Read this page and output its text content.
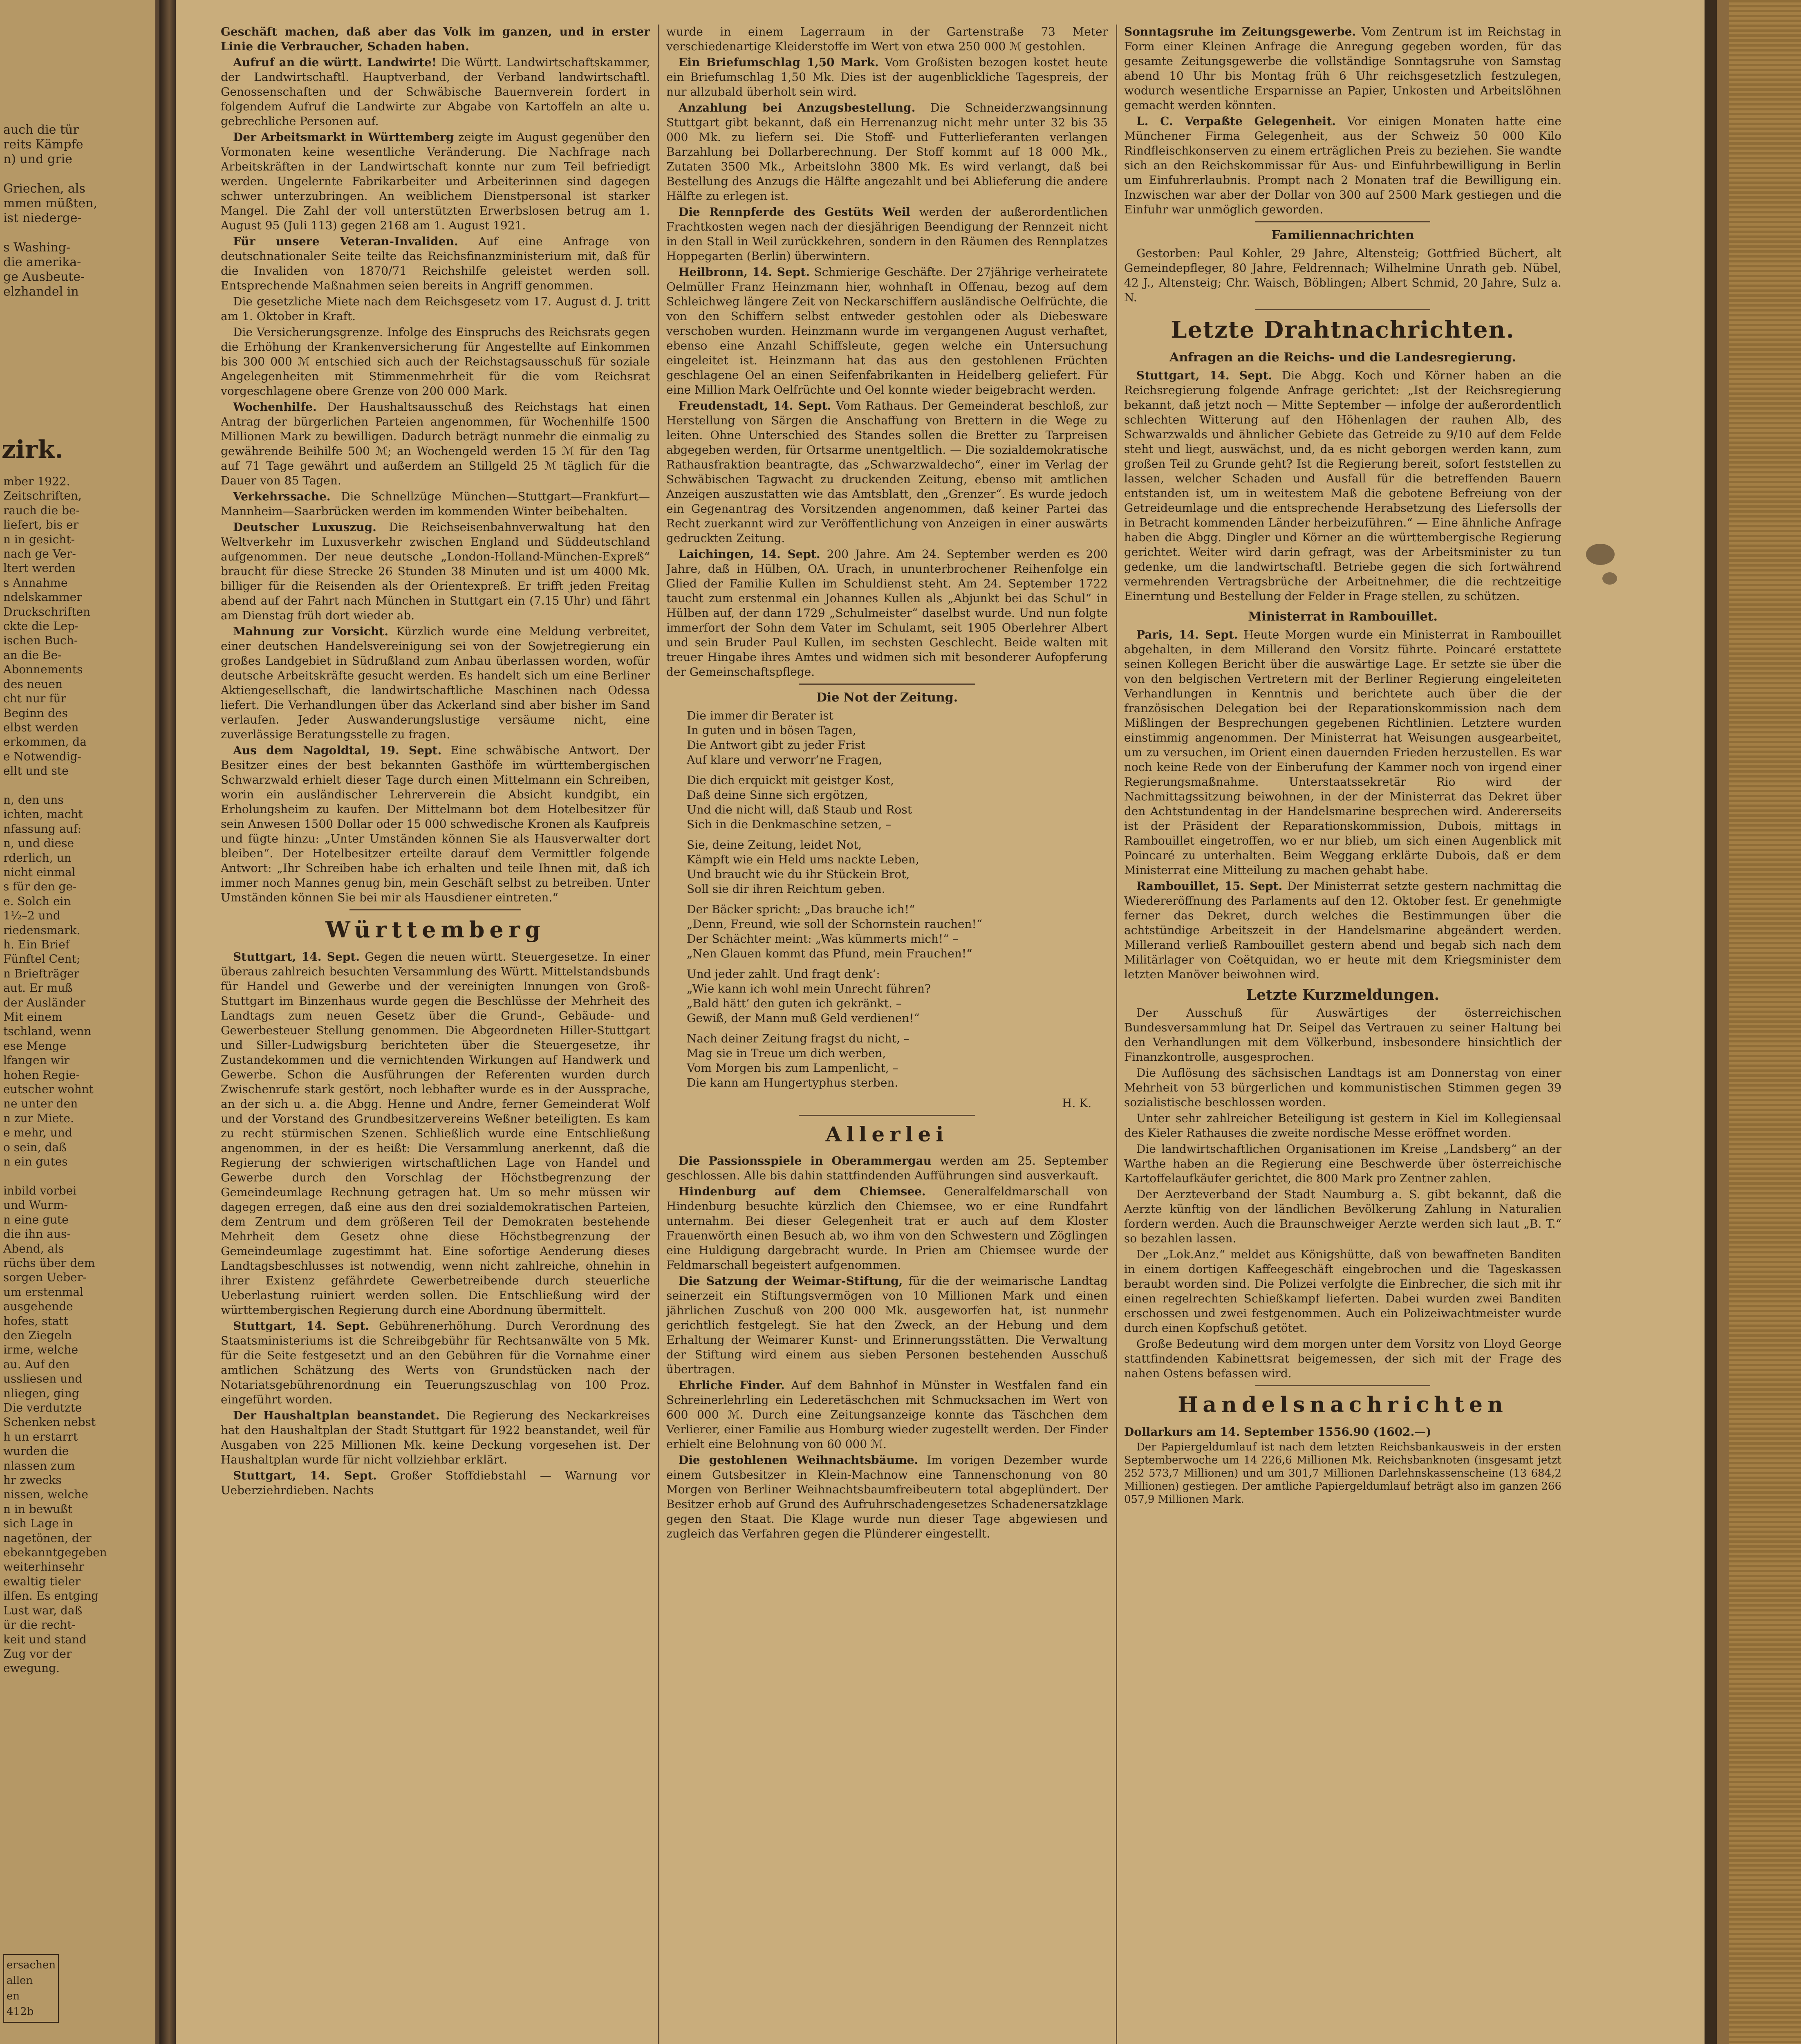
auch die tür
reits Kämpfe
n) und grie

Griechen, als
mmen müßten,
ist niederge-

s Washing-
die amerika-
ge Ausbeute-
elzhandel in
zirk.
mber 1922.
Zeitschriften,
rauch die be-
liefert, bis er
n in gesicht-
nach ge Ver-
ltert werden
s Annahme
ndelskammer
Druckschriften
ckte die Lep-
ischen Buch-
an die Be-
Abonnements
des neuen
cht nur für
Beginn des
elbst werden
erkommen, da
e Notwendig-
ellt und ste

n, den uns
ichten, macht
nfassung auf:
n, und diese
rderlich, un
nicht einmal
s für den ge-
e. Solch ein
1½–2 und
riedensmark.
h. Ein Brief
Fünftel Cent;
n Briefträger
aut. Er muß
der Ausländer
Mit einem
tschland, wenn
ese Menge
lfangen wir
hohen Regie-
eutscher wohnt
ne unter den
n zur Miete.
e mehr, und
o sein, daß
n ein gutes

inbild vorbei
und Wurm-
n eine gute
die ihn aus-
Abend, als
rüchs über dem
sorgen Ueber-
um erstenmal
ausgehende
hofes, statt
den Ziegeln
irme, welche
au. Auf den
ussliesen und
nliegen, ging
Die verdutzte
Schenken nebst
h un erstarrt
wurden die
nlassen zum
hr zwecks
nissen, welche
n in bewußt
sich Lage in
nagetönen, der
ebekanntgegeben
weiterhinsehr
ewaltig tieler
ilfen. Es entging
Lust war, daß
ür die recht-
keit und stand
Zug vor der
ewegung.
ersachen
allen
en
412b

Geschäft machen, daß aber das Volk im ganzen, und in erster Linie die Verbraucher, Schaden haben.

Aufruf an die württ. Landwirte! Die Württ. Landwirtschaftskammer, der Landwirtschaftl. Hauptverband, der Verband landwirtschaftl. Genossenschaften und der Schwäbische Bauernverein fordert in folgendem Aufruf die Landwirte zur Abgabe von Kartoffeln an alte u. gebrechliche Personen auf.

Der Arbeitsmarkt in Württemberg zeigte im August gegenüber den Vormonaten keine wesentliche Veränderung. Die Nachfrage nach Arbeitskräften in der Landwirtschaft konnte nur zum Teil befriedigt werden. Ungelernte Fabrikarbeiter und Arbeiterinnen sind dagegen schwer unterzubringen. An weiblichem Dienstpersonal ist starker Mangel. Die Zahl der voll unterstützten Erwerbslosen betrug am 1. August 95 (Juli 113) gegen 2168 am 1. August 1921.

Für unsere Veteran-Invaliden. Auf eine Anfrage von deutschnationaler Seite teilte das Reichsfinanzministerium mit, daß für die Invaliden von 1870/71 Reichshilfe geleistet werden soll. Entsprechende Maßnahmen seien bereits in Angriff genommen.

Die gesetzliche Miete nach dem Reichsgesetz vom 17. August d. J. tritt am 1. Oktober in Kraft.

Die Versicherungsgrenze. Infolge des Einspruchs des Reichsrats gegen die Erhöhung der Krankenversicherung für Angestellte auf Einkommen bis 300 000 ℳ entschied sich auch der Reichstagsausschuß für soziale Angelegenheiten mit Stimmenmehrheit für die vom Reichsrat vorgeschlagene obere Grenze von 200 000 Mark.

Wochenhilfe. Der Haushaltsausschuß des Reichstags hat einen Antrag der bürgerlichen Parteien angenommen, für Wochenhilfe 1500 Millionen Mark zu bewilligen. Dadurch beträgt nunmehr die einmalig zu gewährende Beihilfe 500 ℳ; an Wochengeld werden 15 ℳ für den Tag auf 71 Tage gewährt und außerdem an Stillgeld 25 ℳ täglich für die Dauer von 85 Tagen.

Verkehrssache. Die Schnellzüge München—Stuttgart—Frankfurt—Mannheim—Saarbrücken werden im kommenden Winter beibehalten.

Deutscher Luxuszug. Die Reichseisenbahnverwaltung hat den Weltverkehr im Luxusverkehr zwischen England und Süddeutschland aufgenommen. Der neue deutsche „London-Holland-München-Expreß“ braucht für diese Strecke 26 Stunden 38 Minuten und ist um 4000 Mk. billiger für die Reisenden als der Orientexpreß. Er trifft jeden Freitag abend auf der Fahrt nach München in Stuttgart ein (7.15 Uhr) und fährt am Dienstag früh dort wieder ab.

Mahnung zur Vorsicht. Kürzlich wurde eine Meldung verbreitet, einer deutschen Handelsvereinigung sei von der Sowjetregierung ein großes Landgebiet in Südrußland zum Anbau überlassen worden, wofür deutsche Arbeitskräfte gesucht werden. Es handelt sich um eine Berliner Aktiengesellschaft, die landwirtschaftliche Maschinen nach Odessa liefert. Die Verhandlungen über das Ackerland sind aber bisher im Sand verlaufen. Jeder Auswanderungslustige versäume nicht, eine zuverlässige Beratungsstelle zu fragen.

Aus dem Nagoldtal, 19. Sept. Eine schwäbische Antwort. Der Besitzer eines der best bekannten Gasthöfe im württembergischen Schwarzwald erhielt dieser Tage durch einen Mittelmann ein Schreiben, worin ein ausländischer Lehrerverein die Absicht kundgibt, ein Erholungsheim zu kaufen. Der Mittelmann bot dem Hotelbesitzer für sein Anwesen 1500 Dollar oder 15 000 schwedische Kronen als Kaufpreis und fügte hinzu: „Unter Umständen können Sie als Hausverwalter dort bleiben“. Der Hotelbesitzer erteilte darauf dem Vermittler folgende Antwort: „Ihr Schreiben habe ich erhalten und teile Ihnen mit, daß ich immer noch Mannes genug bin, mein Geschäft selbst zu betreiben. Unter Umständen können Sie bei mir als Hausdiener eintreten.“

Württemberg

Stuttgart, 14. Sept. Gegen die neuen württ. Steuergesetze. In einer überaus zahlreich besuchten Versammlung des Württ. Mittelstandsbunds für Handel und Gewerbe und der vereinigten Innungen von Groß-Stuttgart im Binzenhaus wurde gegen die Beschlüsse der Mehrheit des Landtags zum neuen Gesetz über die Grund-, Gebäude- und Gewerbesteuer Stellung genommen. Die Abgeordneten Hiller-Stuttgart und Siller-Ludwigsburg berichteten über die Steuergesetze, ihr Zustandekommen und die vernichtenden Wirkungen auf Handwerk und Gewerbe. Schon die Ausführungen der Referenten wurden durch Zwischenrufe stark gestört, noch lebhafter wurde es in der Aussprache, an der sich u. a. die Abgg. Henne und Andre, ferner Gemeinderat Wolf und der Vorstand des Grundbesitzervereins Weßner beteiligten. Es kam zu recht stürmischen Szenen. Schließlich wurde eine Entschließung angenommen, in der es heißt: Die Versammlung anerkennt, daß die Regierung der schwierigen wirtschaftlichen Lage von Handel und Gewerbe durch den Vorschlag der Höchstbegrenzung der Gemeindeumlage Rechnung getragen hat. Um so mehr müssen wir dagegen erregen, daß eine aus den drei sozialdemokratischen Parteien, dem Zentrum und dem größeren Teil der Demokraten bestehende Mehrheit dem Gesetz ohne diese Höchstbegrenzung der Gemeindeumlage zugestimmt hat. Eine sofortige Aenderung dieses Landtagsbeschlusses ist notwendig, wenn nicht zahlreiche, ohnehin in ihrer Existenz gefährdete Gewerbetreibende durch steuerliche Ueberlastung ruiniert werden sollen. Die Entschließung wird der württembergischen Regierung durch eine Abordnung übermittelt.

Stuttgart, 14. Sept. Gebührenerhöhung. Durch Verordnung des Staatsministeriums ist die Schreibgebühr für Rechtsanwälte von 5 Mk. für die Seite festgesetzt und an den Gebühren für die Vornahme einer amtlichen Schätzung des Werts von Grundstücken nach der Notariatsgebührenordnung ein Teuerungszuschlag von 100 Proz. eingeführt worden.

Der Haushaltplan beanstandet. Die Regierung des Neckarkreises hat den Haushaltplan der Stadt Stuttgart für 1922 beanstandet, weil für Ausgaben von 225 Millionen Mk. keine Deckung vorgesehen ist. Der Haushaltplan wurde für nicht vollziehbar erklärt.

Stuttgart, 14. Sept. Großer Stoffdiebstahl — Warnung vor Ueberziehrdieben. Nachts

wurde in einem Lagerraum in der Gartenstraße 73 Meter verschiedenartige Kleiderstoffe im Wert von etwa 250 000 ℳ gestohlen.

Ein Briefumschlag 1,50 Mark. Vom Großisten bezogen kostet heute ein Briefumschlag 1,50 Mk. Dies ist der augenblickliche Tagespreis, der nur allzubald überholt sein wird.

Anzahlung bei Anzugsbestellung. Die Schneiderzwangsinnung Stuttgart gibt bekannt, daß ein Herrenanzug nicht mehr unter 32 bis 35 000 Mk. zu liefern sei. Die Stoff- und Futterlieferanten verlangen Barzahlung bei Dollarberechnung. Der Stoff kommt auf 18 000 Mk., Zutaten 3500 Mk., Arbeitslohn 3800 Mk. Es wird verlangt, daß bei Bestellung des Anzugs die Hälfte angezahlt und bei Ablieferung die andere Hälfte zu erlegen ist.

Die Rennpferde des Gestüts Weil werden der außerordentlichen Frachtkosten wegen nach der diesjährigen Beendigung der Rennzeit nicht in den Stall in Weil zurückkehren, sondern in den Räumen des Rennplatzes Hoppegarten (Berlin) überwintern.

Heilbronn, 14. Sept. Schmierige Geschäfte. Der 27jährige verheiratete Oelmüller Franz Heinzmann hier, wohnhaft in Offenau, bezog auf dem Schleichweg längere Zeit von Neckarschiffern ausländische Oelfrüchte, die von den Schiffern selbst entweder gestohlen oder als Diebesware verschoben wurden. Heinzmann wurde im vergangenen August verhaftet, ebenso eine Anzahl Schiffsleute, gegen welche ein Untersuchung eingeleitet ist. Heinzmann hat das aus den gestohlenen Früchten geschlagene Oel an einen Seifenfabrikanten in Heidelberg geliefert. Für eine Million Mark Oelfrüchte und Oel konnte wieder beigebracht werden.

Freudenstadt, 14. Sept. Vom Rathaus. Der Gemeinderat beschloß, zur Herstellung von Särgen die Anschaffung von Brettern in die Wege zu leiten. Ohne Unterschied des Standes sollen die Bretter zu Tarpreisen abgegeben werden, für Ortsarme unentgeltlich. — Die sozialdemokratische Rathausfraktion beantragte, das „Schwarzwaldecho“, einer im Verlag der Schwäbischen Tagwacht zu druckenden Zeitung, ebenso mit amtlichen Anzeigen auszustatten wie das Amtsblatt, den „Grenzer“. Es wurde jedoch ein Gegenantrag des Vorsitzenden angenommen, daß keiner Partei das Recht zuerkannt wird zur Veröffentlichung von Anzeigen in einer auswärts gedruckten Zeitung.

Laichingen, 14. Sept. 200 Jahre. Am 24. September werden es 200 Jahre, daß in Hülben, OA. Urach, in ununterbrochener Reihenfolge ein Glied der Familie Kullen im Schuldienst steht. Am 24. September 1722 taucht zum erstenmal ein Johannes Kullen als „Abjunkt bei das Schul“ in Hülben auf, der dann 1729 „Schulmeister“ daselbst wurde. Und nun folgte immerfort der Sohn dem Vater im Schulamt, seit 1905 Oberlehrer Albert und sein Bruder Paul Kullen, im sechsten Geschlecht. Beide walten mit treuer Hingabe ihres Amtes und widmen sich mit besonderer Aufopferung der Gemeinschaftspflege.

Die Not der Zeitung.
Die immer dir Berater ist
In guten und in bösen Tagen,
Die Antwort gibt zu jeder Frist
Auf klare und verworr’ne Fragen,
Die dich erquickt mit geistger Kost,
Daß deine Sinne sich ergötzen,
Und die nicht will, daß Staub und Rost
Sich in die Denkmaschine setzen, –
Sie, deine Zeitung, leidet Not,
Kämpft wie ein Held ums nackte Leben,
Und braucht wie du ihr Stückein Brot,
Soll sie dir ihren Reichtum geben.
Der Bäcker spricht: „Das brauche ich!“
„Denn, Freund, wie soll der Schornstein rauchen!“
Der Schächter meint: „Was kümmerts mich!“ –
„Nen Glauen kommt das Pfund, mein Frauchen!“
Und jeder zahlt. Und fragt denk’:
„Wie kann ich wohl mein Unrecht führen?
„Bald hätt’ den guten ich gekränkt. –
Gewiß, der Mann muß Geld verdienen!“
Nach deiner Zeitung fragst du nicht, –
Mag sie in Treue um dich werben,
Vom Morgen bis zum Lampenlicht, –
Die kann am Hungertyphus sterben.
H. K.
Allerlei

Die Passionsspiele in Oberammergau werden am 25. September geschlossen. Alle bis dahin stattfindenden Aufführungen sind ausverkauft.

Hindenburg auf dem Chiemsee. Generalfeldmarschall von Hindenburg besuchte kürzlich den Chiemsee, wo er eine Rundfahrt unternahm. Bei dieser Gelegenheit trat er auch auf dem Kloster Frauenwörth einen Besuch ab, wo ihm von den Schwestern und Zöglingen eine Huldigung dargebracht wurde. In Prien am Chiemsee wurde der Feldmarschall begeistert aufgenommen.

Die Satzung der Weimar-Stiftung, für die der weimarische Landtag seinerzeit ein Stiftungsvermögen von 10 Millionen Mark und einen jährlichen Zuschuß von 200 000 Mk. ausgeworfen hat, ist nunmehr gerichtlich festgelegt. Sie hat den Zweck, an der Hebung und dem Erhaltung der Weimarer Kunst- und Erinnerungsstätten. Die Verwaltung der Stiftung wird einem aus sieben Personen bestehenden Ausschuß übertragen.

Ehrliche Finder. Auf dem Bahnhof in Münster in Westfalen fand ein Schreinerlehrling ein Lederetäschchen mit Schmucksachen im Wert von 600 000 ℳ. Durch eine Zeitungsanzeige konnte das Täschchen dem Verlierer, einer Familie aus Homburg wieder zugestellt werden. Der Finder erhielt eine Belohnung von 60 000 ℳ.

Die gestohlenen Weihnachtsbäume. Im vorigen Dezember wurde einem Gutsbesitzer in Klein-Machnow eine Tannenschonung von 80 Morgen von Berliner Weihnachtsbaumfreibeutern total abgeplündert. Der Besitzer erhob auf Grund des Aufruhrschadengesetzes Schadenersatzklage gegen den Staat. Die Klage wurde nun dieser Tage abgewiesen und zugleich das Verfahren gegen die Plünderer eingestellt.

Sonntagsruhe im Zeitungsgewerbe. Vom Zentrum ist im Reichstag in Form einer Kleinen Anfrage die Anregung gegeben worden, für das gesamte Zeitungsgewerbe die vollständige Sonntagsruhe von Samstag abend 10 Uhr bis Montag früh 6 Uhr reichsgesetzlich festzulegen, wodurch wesentliche Ersparnisse an Papier, Unkosten und Arbeitslöhnen gemacht werden könnten.

L. C. Verpaßte Gelegenheit. Vor einigen Monaten hatte eine Münchener Firma Gelegenheit, aus der Schweiz 50 000 Kilo Rindfleischkonserven zu einem erträglichen Preis zu beziehen. Sie wandte sich an den Reichskommissar für Aus- und Einfuhrbewilligung in Berlin um Einfuhrerlaubnis. Prompt nach 2 Monaten traf die Bewilligung ein. Inzwischen war aber der Dollar von 300 auf 2500 Mark gestiegen und die Einfuhr war unmöglich geworden.

Familiennachrichten

Gestorben: Paul Kohler, 29 Jahre, Altensteig; Gottfried Büchert, alt Gemeindepfleger, 80 Jahre, Feldrennach; Wilhelmine Unrath geb. Nübel, 42 J., Altensteig; Chr. Waisch, Böblingen; Albert Schmid, 20 Jahre, Sulz a. N.

Letzte Drahtnachrichten.
Anfragen an die Reichs- und die Landesregierung.

Stuttgart, 14. Sept. Die Abgg. Koch und Körner haben an die Reichsregierung folgende Anfrage gerichtet: „Ist der Reichsregierung bekannt, daß jetzt noch — Mitte September — infolge der außerordentlich schlechten Witterung auf den Höhenlagen der rauhen Alb, des Schwarzwalds und ähnlicher Gebiete das Getreide zu 9/10 auf dem Felde steht und liegt, auswächst, und, da es nicht geborgen werden kann, zum großen Teil zu Grunde geht? Ist die Regierung bereit, sofort feststellen zu lassen, welcher Schaden und Ausfall für die betreffenden Bauern entstanden ist, um in weitestem Maß die gebotene Befreiung von der Getreideumlage und die entsprechende Herabsetzung des Liefersolls der in Betracht kommenden Länder herbeizuführen.“ — Eine ähnliche Anfrage haben die Abgg. Dingler und Körner an die württembergische Regierung gerichtet. Weiter wird darin gefragt, was der Arbeitsminister zu tun gedenke, um die landwirtschaftl. Betriebe gegen die sich fortwährend vermehrenden Vertragsbrüche der Arbeitnehmer, die die rechtzeitige Einerntung und Bestellung der Felder in Frage stellen, zu schützen.

Ministerrat in Rambouillet.

Paris, 14. Sept. Heute Morgen wurde ein Ministerrat in Rambouillet abgehalten, in dem Millerand den Vorsitz führte. Poincaré erstattete seinen Kollegen Bericht über die auswärtige Lage. Er setzte sie über die von den belgischen Vertretern mit der Berliner Regierung eingeleiteten Verhandlungen in Kenntnis und berichtete auch über die der französischen Delegation bei der Reparationskommission nach dem Mißlingen der Besprechungen gegebenen Richtlinien. Letztere wurden einstimmig angenommen. Der Ministerrat hat Weisungen ausgearbeitet, um zu versuchen, im Orient einen dauernden Frieden herzustellen. Es war noch keine Rede von der Einberufung der Kammer noch von irgend einer Regierungsmaßnahme. Unterstaatssekretär Rio wird der Nachmittagssitzung beiwohnen, in der der Ministerrat das Dekret über den Achtstundentag in der Handelsmarine besprechen wird. Andererseits ist der Präsident der Reparationskommission, Dubois, mittags in Rambouillet eingetroffen, wo er nur blieb, um sich einen Augenblick mit Poincaré zu unterhalten. Beim Weggang erklärte Dubois, daß er dem Ministerrat eine Mitteilung zu machen gehabt habe.

Rambouillet, 15. Sept. Der Ministerrat setzte gestern nachmittag die Wiedereröffnung des Parlaments auf den 12. Oktober fest. Er genehmigte ferner das Dekret, durch welches die Bestimmungen über die achtstündige Arbeitszeit in der Handelsmarine abgeändert werden. Millerand verließ Rambouillet gestern abend und begab sich nach dem Militärlager von Coëtquidan, wo er heute mit dem Kriegsminister dem letzten Manöver beiwohnen wird.

Letzte Kurzmeldungen.

Der Ausschuß für Auswärtiges der österreichischen Bundesversammlung hat Dr. Seipel das Vertrauen zu seiner Haltung bei den Verhandlungen mit dem Völkerbund, insbesondere hinsichtlich der Finanzkontrolle, ausgesprochen.

Die Auflösung des sächsischen Landtags ist am Donnerstag von einer Mehrheit von 53 bürgerlichen und kommunistischen Stimmen gegen 39 sozialistische beschlossen worden.

Unter sehr zahlreicher Beteiligung ist gestern in Kiel im Kollegiensaal des Kieler Rathauses die zweite nordische Messe eröffnet worden.

Die landwirtschaftlichen Organisationen im Kreise „Landsberg“ an der Warthe haben an die Regierung eine Beschwerde über österreichische Kartoffelaufkäufer gerichtet, die 800 Mark pro Zentner zahlen.

Der Aerzteverband der Stadt Naumburg a. S. gibt bekannt, daß die Aerzte künftig von der ländlichen Bevölkerung Zahlung in Naturalien fordern werden. Auch die Braunschweiger Aerzte werden sich laut „B. T.“ so bezahlen lassen.

Der „Lok.Anz.“ meldet aus Königshütte, daß von bewaffneten Banditen in einem dortigen Kaffeegeschäft eingebrochen und die Tageskassen beraubt worden sind. Die Polizei verfolgte die Einbrecher, die sich mit ihr einen regelrechten Schießkampf lieferten. Dabei wurden zwei Banditen erschossen und zwei festgenommen. Auch ein Polizeiwachtmeister wurde durch einen Kopfschuß getötet.

Große Bedeutung wird dem morgen unter dem Vorsitz von Lloyd George stattfindenden Kabinettsrat beigemessen, der sich mit der Frage des nahen Ostens befassen wird.

Handelsnachrichten

Dollarkurs am 14. September 1556.90 (1602.—)

Der Papiergeldumlauf ist nach dem letzten Reichsbankausweis in der ersten Septemberwoche um 14 226,6 Millionen Mk. Reichsbanknoten (insgesamt jetzt 252 573,7 Millionen) und um 301,7 Millionen Darlehnskassenscheine (13 684,2 Millionen) gestiegen. Der amtliche Papiergeldumlauf beträgt also im ganzen 266 057,9 Millionen Mark.
